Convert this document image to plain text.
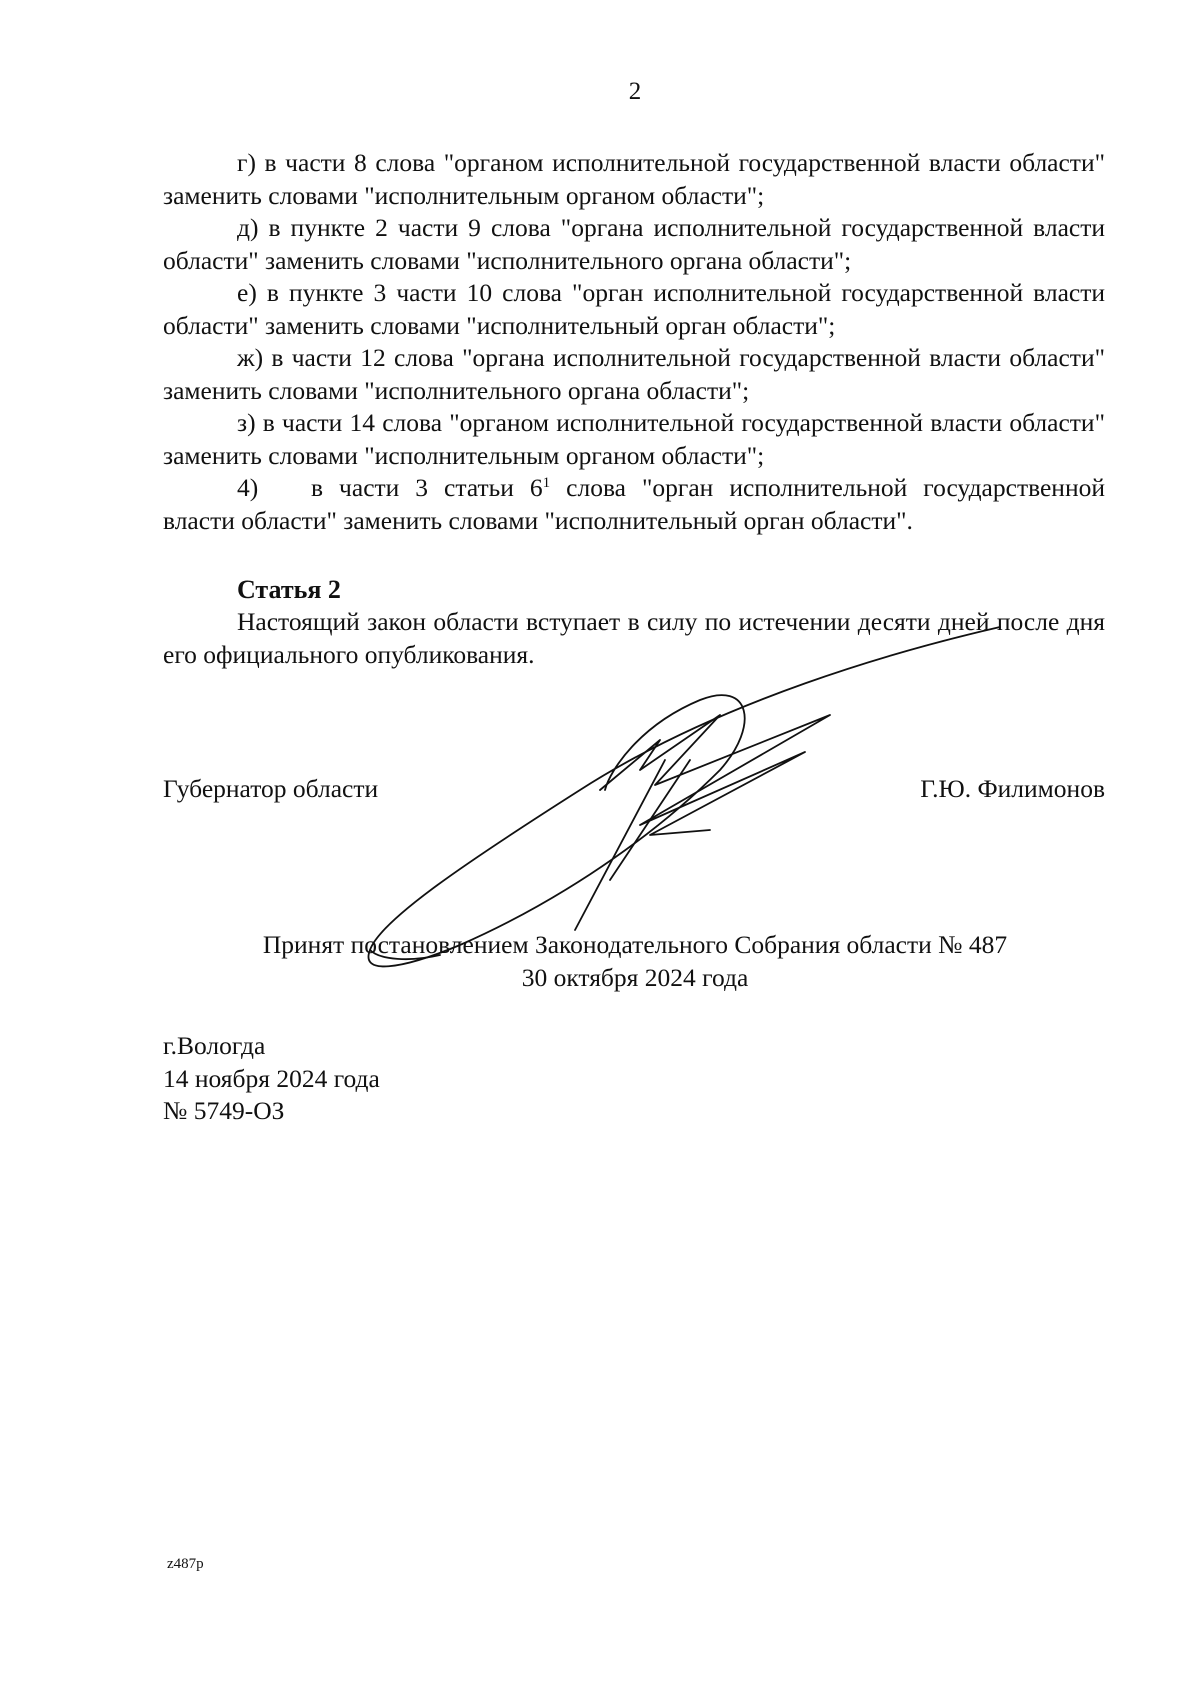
2

г) в части 8 слова "органом исполнительной государственной власти области" заменить словами "исполнительным органом области";

д) в пункте 2 части 9 слова "органа исполнительной государственной власти области" заменить словами "исполнительного органа области";

е) в пункте 3 части 10 слова "орган исполнительной государственной власти области" заменить словами "исполнительный орган области";

ж) в части 12 слова "органа исполнительной государственной власти области" заменить словами "исполнительного органа области";

з) в части 14 слова "органом исполнительной государственной власти области" заменить словами "исполнительным органом области";

4) в части 3 статьи $6^1$ слова "орган исполнительной государственной власти области" заменить словами "исполнительный орган области".

Статья 2

Настоящий закон области вступает в силу по истечении десяти дней после дня его официального опубликования.

Губернатор области	Г.Ю. Филимонов
Принят постановлением Законодательного Собрания области № 487
30 октября 2024 года
г.Вологда
14 ноября 2024 года
№ 5749-ОЗ
z487p
